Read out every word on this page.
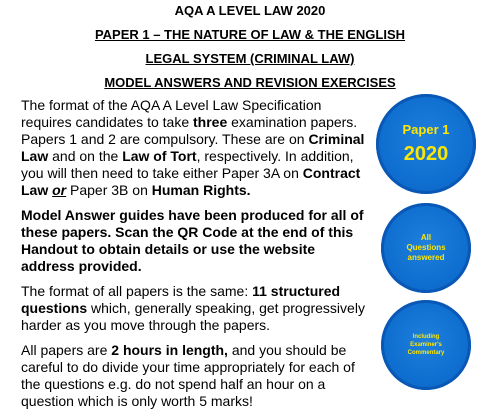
AQA A LEVEL LAW 2020
PAPER 1 – THE NATURE OF LAW & THE ENGLISH
LEGAL SYSTEM (CRIMINAL LAW)
MODEL ANSWERS AND REVISION EXERCISES

The format of the AQA A Level Law Specification requires candidates to take three examination papers. Papers 1 and 2 are compulsory. These are on Criminal Law and on the Law of Tort, respectively. In addition, you will then need to take either Paper 3A on Contract Law or Paper 3B on Human Rights.

Model Answer guides have been produced for all of these papers. Scan the QR Code at the end of this Handout to obtain details or use the website address provided.

The format of all papers is the same: 11 structured questions which, generally speaking, get progressively harder as you move through the papers.

All papers are 2 hours in length, and you should be careful to do divide your time appropriately for each of the questions e.g. do not spend half an hour on a question which is only worth 5 marks!

Paper 1
2020
All
Questions
answered
Including
Examiner's
Commentary
